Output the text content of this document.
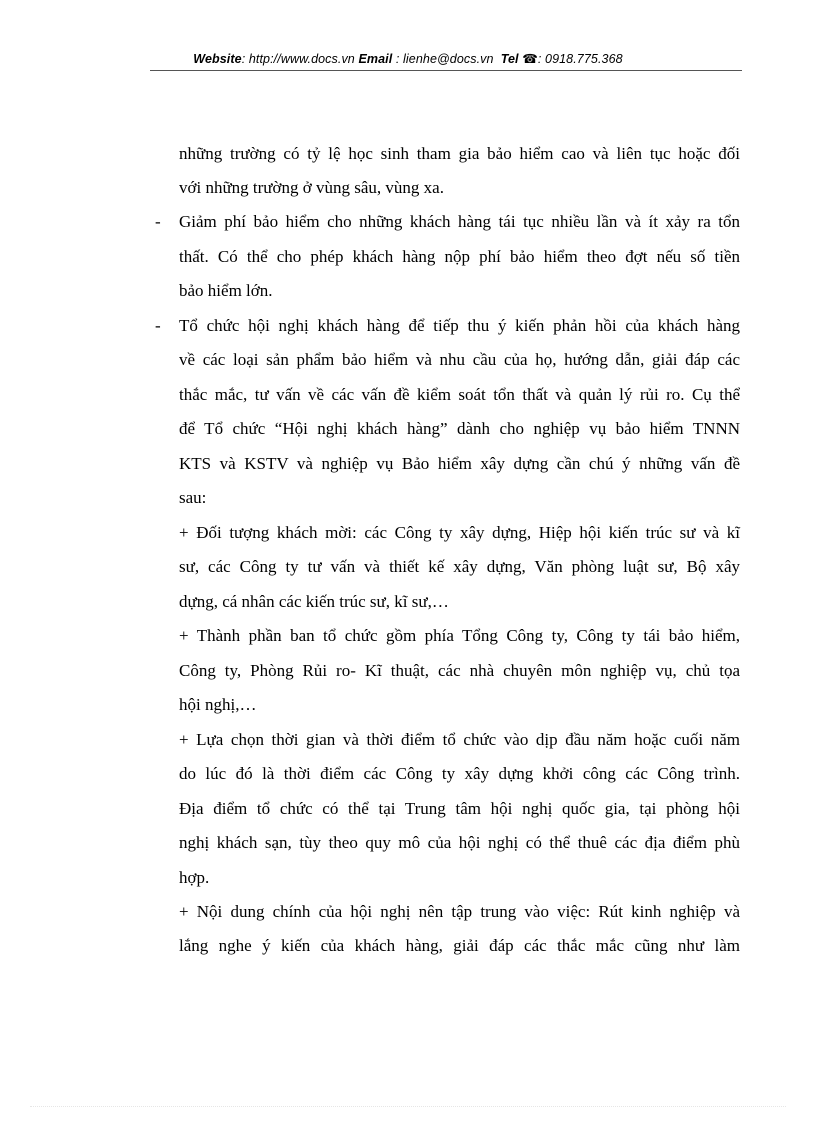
Website: http://www.docs.vn Email : lienhe@docs.vn Tel ☎: 0918.775.368
những trường có tỷ lệ học sinh tham gia bảo hiểm cao và liên tục hoặc đối
với những trường ở vùng sâu, vùng xa.
- Giảm phí bảo hiểm cho những khách hàng tái tục nhiều lần và ít xảy ra tổn
thất. Có thể cho phép khách hàng nộp phí bảo hiểm theo đợt nếu số tiền
bảo hiểm lớn.
- Tổ chức hội nghị khách hàng để tiếp thu ý kiến phản hồi của khách hàng
về các loại sản phẩm bảo hiểm và nhu cầu của họ, hướng dẫn, giải đáp các
thắc mắc, tư vấn về các vấn đề kiểm soát tổn thất và quản lý rủi ro. Cụ thể
để Tổ chức “Hội nghị khách hàng” dành cho nghiệp vụ bảo hiểm TNNN
KTS và KSTV và nghiệp vụ Bảo hiểm xây dựng cần chú ý những vấn đề
sau:
+ Đối tượng khách mời: các Công ty xây dựng, Hiệp hội kiến trúc sư và kĩ
sư, các Công ty tư vấn và thiết kế xây dựng, Văn phòng luật sư, Bộ xây
dựng, cá nhân các kiến trúc sư, kĩ sư,…
+ Thành phần ban tổ chức gồm phía Tổng Công ty, Công ty tái bảo hiểm,
Công ty, Phòng Rủi ro- Kĩ thuật, các nhà chuyên môn nghiệp vụ, chủ tọa
hội nghị,…
+ Lựa chọn thời gian và thời điểm tổ chức vào dịp đầu năm hoặc cuối năm
do lúc đó là thời điểm các Công ty xây dựng khởi công các Công trình.
Địa điểm tổ chức có thể tại Trung tâm hội nghị quốc gia, tại phòng hội
nghị khách sạn, tùy theo quy mô của hội nghị có thể thuê các địa điểm phù
hợp.
+ Nội dung chính của hội nghị nên tập trung vào việc: Rút kinh nghiệp và
lắng nghe ý kiến của khách hàng, giải đáp các thắc mắc cũng như làm
